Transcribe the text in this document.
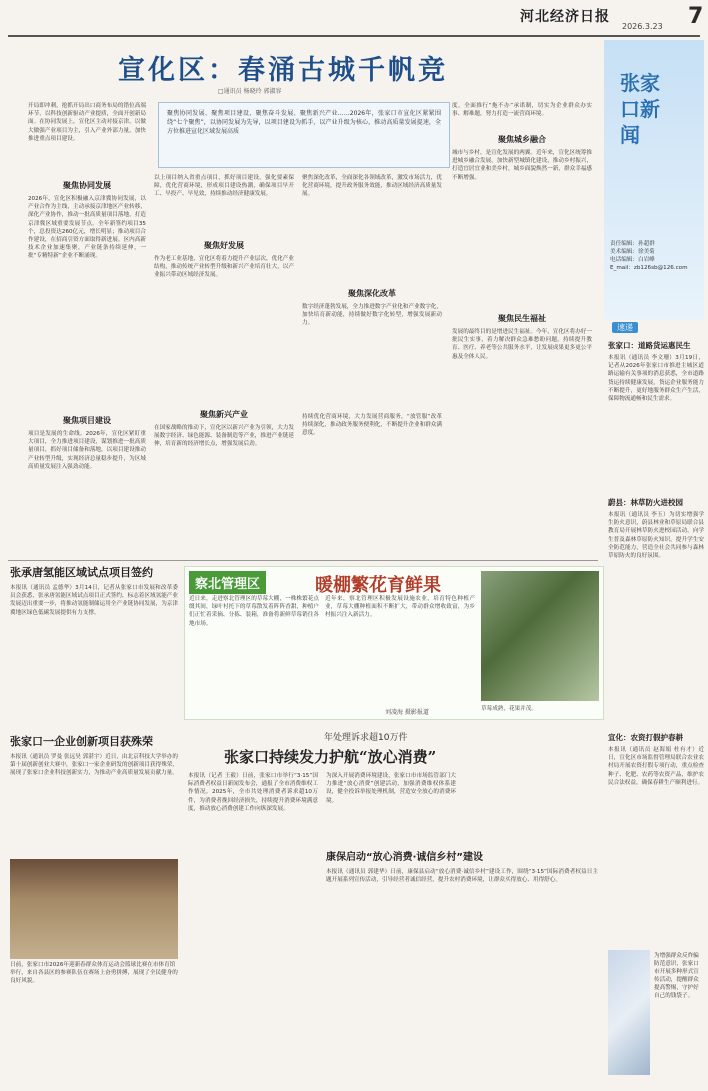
河北经济日报
2026.3.23 7
宣化区：春涌古城千帆竞
□通讯员 杨晓玲 郭淑容
聚焦协同发展、聚焦项目建设、聚焦奋斗发展、聚焦新兴产业……2026年，张家口市宣化区紧紧围绕“七个聚焦”，以协同发展为先导，以项目建设为抓手，以产业升级为核心，推动高质量发展提速，全方位推进宣化区域发展高质
开局即冲刺，抢抓开局出口商务布局的错位高端环节，以科技创新驱动产业提质，全面开创新局面。在协同发展上，宣化区主动对接京津，以做大做强产业项目为主，引入产业外部力量，加快推进重点项目建设。
聚焦协同发展
2026年，宣化区积极融入京津冀协同发展，以产业合作为主线，主动承接京津地区产业转移，深化产业协作，推动一批高质量项目落地，打造京津冀区域重要发展节点。全年新签约项目35个，总投资达260亿元，增长明显；推动项目合作建设，在招商引资方面取得新进展。区内高新技术企业加速集聚，产业链条持续延伸，一批“专精特新”企业不断涌现。
聚焦项目建设
项目是发展的生命线。2026年，宣化区紧盯重大项目，全力推进项目建设，谋划推进一批高质量项目，抓好项目储备和落地，以项目建设推动产业转型升级，实现经济总量稳步提升，为区域高质量发展注入强劲动能。
以上项目纳入省重点项目，抓好项目建设，强化要素保障，优化营商环境，形成项目建设热潮，确保项目早开工、早投产、早见效，持续推动经济健康发展。
聚焦好发展
作为老工业基地，宣化区将着力提升产业层次，优化产业结构，推动传统产业转型升级和新兴产业培育壮大，以产业振兴带动区域经济发展。
聚焦新兴产业
在国家战略的推动下，宣化区以新兴产业为引领，大力发展数字经济、绿色能源、装备制造等产业，推进产业链延伸，培育新的经济增长点，增强发展后劲。
聚焦深化改革，全面深化各领域改革，激发市场活力，优化营商环境，提升政务服务效能，推动区域经济高质量发展。
聚焦深化改革
数字经济蓬勃发展，全力推进数字产业化和产业数字化，加快培育新动能，持续做好数字化转型，增强发展新动力。
持续优化营商环境，大力发展营商服务，“放管服”改革持续深化，推动政务服务便利化，不断提升企业和群众满意度。
度，全面推行“拖不办”承诺制，切实为企业群众办实事、解难题，努力打造一流营商环境。
聚焦城乡融合
城市与乡村，是宣化发展的两翼。近年来，宣化区统筹推进城乡融合发展，加快新型城镇化建设，推动乡村振兴，打造宜居宜业和美乡村，城乡面貌焕然一新，群众幸福感不断增强。
聚焦民生福祉
发展的最终目的是增进民生福祉。今年，宣化区将办好一批民生实事，着力解决群众急难愁盼问题，持续提升教育、医疗、养老等公共服务水平，让发展成果更多更公平惠及全体人民。
张家口新闻
责任编辑：孙超群
美术编辑：徐美菊
电话编辑：白岩峰
E_mail：zb126sb@126.com
速递
张家口：道路货运惠民生
本报讯（通讯员 李文珊）3月19日，记者从2026年张家口市推进主城区道路运输有关事项的消息获悉，全市道路货运持续健康发展，货运企业服务能力不断提升，更好地服务群众生产生活，保障物流通畅和民生需求。
蔚县：林草防火进校园
本报讯（通讯员 李玉）为切实增强学生防火意识，蔚县林业和草原局联合县教育局开展林草防火进校园活动，向学生普及森林草原防火知识，提升学生安全防范能力，营造全社会共同参与森林草原防火的良好氛围。
宣化：农资打假护春耕
本报讯（通讯员 赵海娟 杜有才）近日，宣化区市场监督管理局联合农业农村局开展农资打假专项行动，重点检查种子、化肥、农药等农资产品，维护农民合法权益，确保春耕生产顺利进行。
为增强群众反炸骗防范意识，张家口市开展多种形式宣传活动，提醒群众提高警惕，守护好自己的钱袋子。
张承唐氢能区域试点项目签约
本报讯（通讯员 孟德华）3月14日，记者从张家口市发展和改革委员会获悉，张承唐氢能区域试点项目正式签约，标志着区域氢能产业发展迈出重要一步，将推动氢能制储运用全产业链协同发展，为京津冀地区绿色低碳发展提供有力支撑。
张家口一企业创新项目获殊荣
本报讯（通讯员 罗曼 张远昊 郭湛宇）近日，由北京科技大学举办的第十届创新创业大赛中，张家口一家企业研发的创新项目获得殊荣，展现了张家口企业科技创新实力，为推动产业高质量发展贡献力量。
日前，张家口市2026年迎新春群众体育运动会篮球比赛在市体育馆举行，来自各县区的参赛队伍在赛场上奋勇拼搏，展现了全民健身的良好风貌。
察北管理区	暖棚繁花育鲜果
近日来，走进察北管理区的草莓大棚，一株株繁花点缀其间，绿叶衬托下的草莓散发着阵阵香甜，种植户们正忙着采摘、分拣、装箱，准备将新鲜草莓销往各地市场。
近年来，察北管理区积极发展设施农业，培育特色种植产业，草莓大棚种植面积不断扩大，带动群众增收致富，为乡村振兴注入新活力。
刘凌海 摄影报道	草莓成熟，花果并茂。
年处理诉求超10万件
张家口持续发力护航“放心消费”
本报讯（记者 王毅）日前，张家口市举行“3·15”国际消费者权益日新闻发布会，通报了全市消费维权工作情况。2025年，全市共处理消费者诉求超10万件，为消费者挽回经济损失，持续提升消费环境满意度，推动放心消费创建工作向纵深发展。
为深入开展消费环境建设，张家口市市场监管部门大力推进“放心消费”创建活动，加强消费维权体系建设，健全投诉举报处理机制，营造安全放心的消费环境。
康保启动“放心消费·诚信乡村”建设
本报讯（通讯员 郭建华）日前，康保县启动“放心消费·诚信乡村”建设工作，围绕“3·15”国际消费者权益日主题开展系列宣传活动，引导经营者诚信经营，提升农村消费环境，让群众买得放心、用得舒心。
